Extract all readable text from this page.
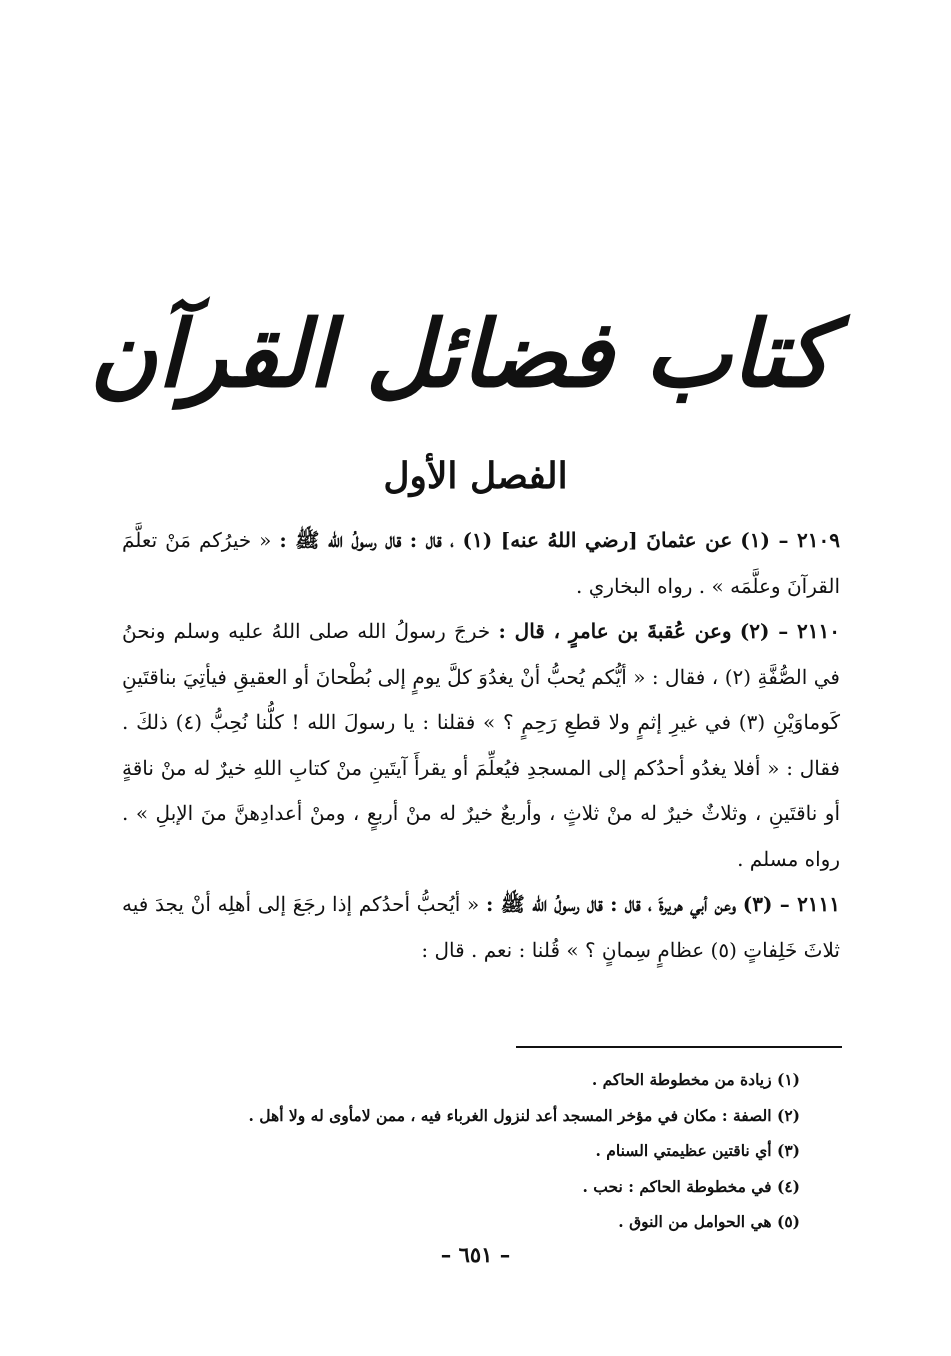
كتاب فضائل القرآن
الفصل الأول

٢١٠٩ – (١) عن عثمانَ [رضي اللهُ عنه] (١) ، قال : قال رسولُ الله ﷺ : « خيرُكم مَنْ تعلَّمَ القرآنَ وعلَّمَه » . رواه البخاري .

٢١١٠ – (٢) وعن عُقبةَ بن عامرٍ ، قال : خرجَ رسولُ الله صلى اللهُ عليه وسلم ونحنُ في الصُّفَّةِ (٢) ، فقال : « أيُّكم يُحبُّ أنْ يغدُوَ كلَّ يومٍ إلى بُطْحانَ أو العقيقِ فيأتِيَ بناقتَينِ كَوماوَيْنِ (٣) في غيرِ إثمٍ ولا قطعِ رَحِمٍ ؟ » فقلنا : يا رسولَ الله ! كلُّنا نُحِبُّ (٤) ذلكَ . فقال : « أفلا يغدُو أحدُكم إلى المسجدِ فيُعلِّمَ أو يقرأَ آيتَينِ منْ كتابِ اللهِ خيرٌ له منْ ناقةٍ أو ناقتَينِ ، وثلاثٌ خيرٌ له منْ ثلاثٍ ، وأربعٌ خيرٌ له منْ أربعٍ ، ومنْ أعدادِهنَّ منَ الإبلِ » . رواه مسلم .

٢١١١ – (٣) وعن أبي هريرةَ ، قال : قال رسولُ الله ﷺ : « أيُحبُّ أحدُكم إذا رجَعَ إلى أهلِه أنْ يجدَ فيه ثلاثَ خَلِفاتٍ (٥) عظامٍ سِمانٍ ؟ » قُلنا : نعم . قال :

(١) زيادة من مخطوطة الحاكم .
(٢) الصفة : مكان في مؤخر المسجد أعد لنزول الغرباء فيه ، ممن لامأوى له ولا أهل .
(٣) أي ناقتين عظيمتي السنام .
(٤) في مخطوطة الحاكم : نحب .
(٥) هي الحوامل من النوق .
– ٦٥١ –
